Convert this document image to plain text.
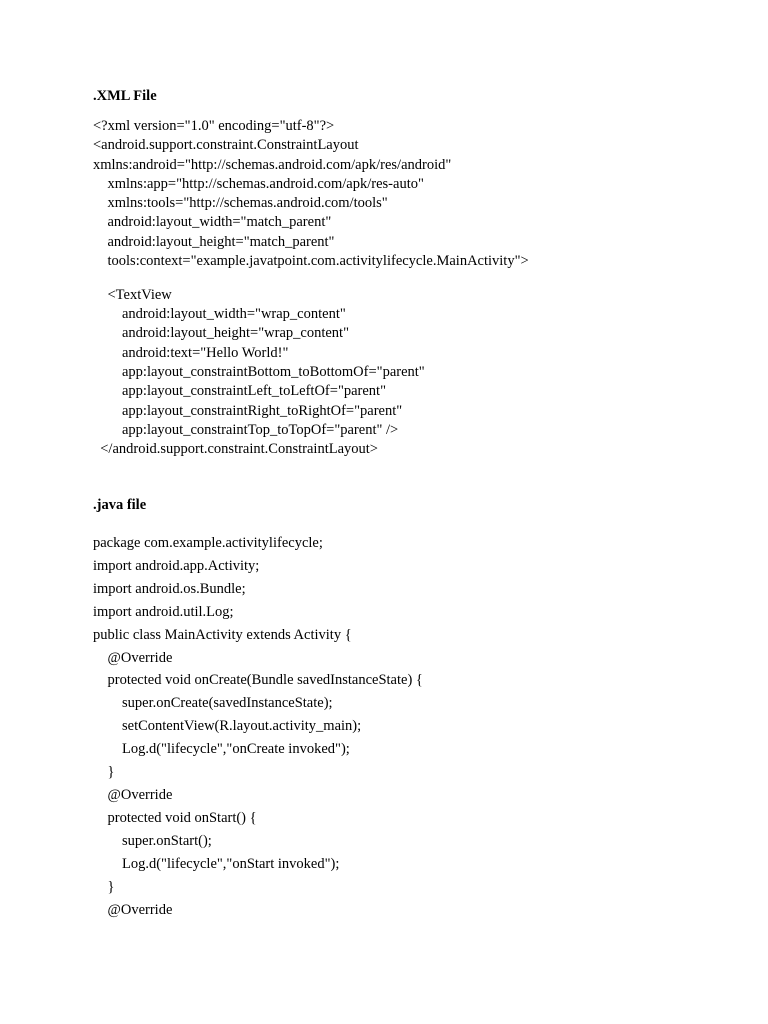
.XML File
<?xml version="1.0" encoding="utf-8"?>
<android.support.constraint.ConstraintLayout
xmlns:android="http://schemas.android.com/apk/res/android"
xmlns:app="http://schemas.android.com/apk/res-auto"
xmlns:tools="http://schemas.android.com/tools"
android:layout_width="match_parent"
android:layout_height="match_parent"
tools:context="example.javatpoint.com.activitylifecycle.MainActivity">
<TextView
android:layout_width="wrap_content"
android:layout_height="wrap_content"
android:text="Hello World!"
app:layout_constraintBottom_toBottomOf="parent"
app:layout_constraintLeft_toLeftOf="parent"
app:layout_constraintRight_toRightOf="parent"
app:layout_constraintTop_toTopOf="parent" />
</android.support.constraint.ConstraintLayout>
.java file
package com.example.activitylifecycle;
import android.app.Activity;
import android.os.Bundle;
import android.util.Log;
public class MainActivity extends Activity {
@Override
protected void onCreate(Bundle savedInstanceState) {
super.onCreate(savedInstanceState);
setContentView(R.layout.activity_main);
Log.d("lifecycle","onCreate invoked");
}
@Override
protected void onStart() {
super.onStart();
Log.d("lifecycle","onStart invoked");
}
@Override
